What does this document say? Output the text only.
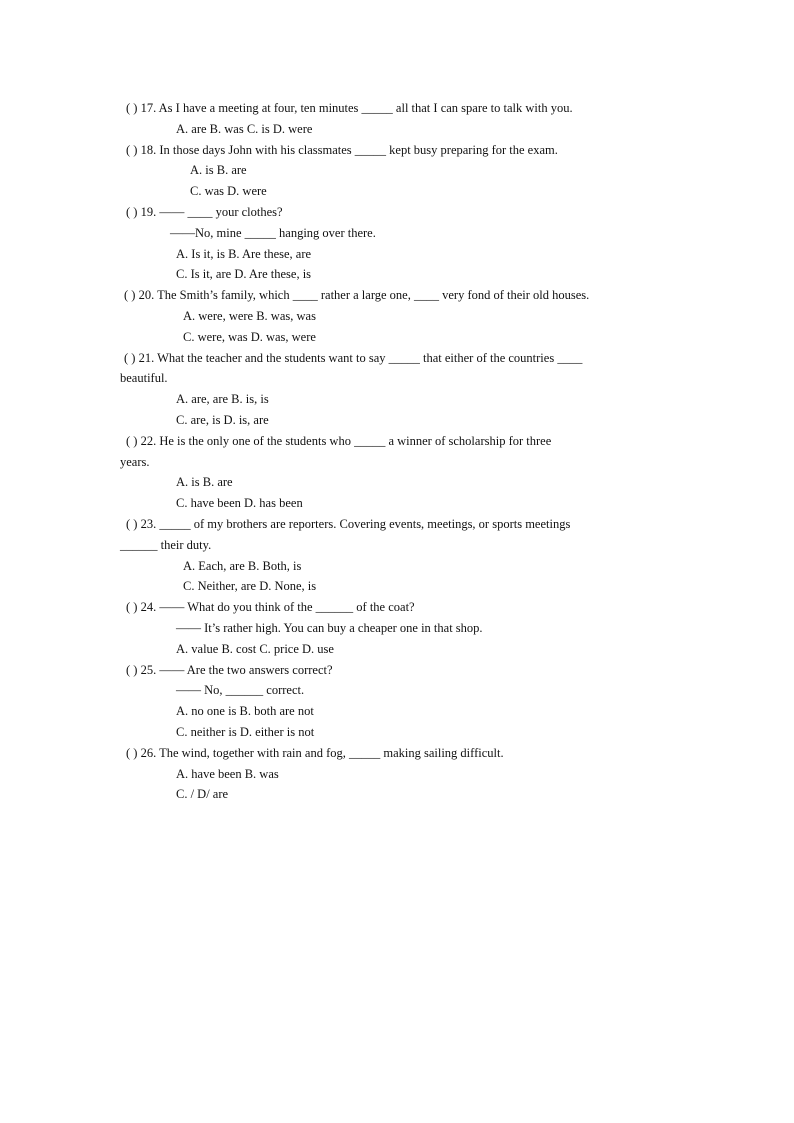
( ) 17. As I have a meeting at four, ten minutes _____ all that I can spare to talk with you.
A. are B. was C. is D. were
( ) 18. In those days John with his classmates _____ kept busy preparing for the exam.
A. is B. are
C. was D. were
( ) 19. —— ____ your clothes?
——No, mine _____ hanging over there.
A. Is it, is B. Are these, are
C. Is it, are D. Are these, is
( ) 20. The Smith’s family, which ____ rather a large one, ____ very fond of their old houses.
A. were, were B. was, was
C. were, was D. was, were
( ) 21. What the teacher and the students want to say _____ that either of the countries ____
beautiful.
A. are, are B. is, is
C. are, is D. is, are
( ) 22. He is the only one of the students who _____ a winner of scholarship for three
years.
A. is B. are
C. have been D. has been
( ) 23. _____ of my brothers are reporters. Covering events, meetings, or sports meetings
______ their duty.
A. Each, are B. Both, is
C. Neither, are D. None, is
( ) 24. —— What do you think of the ______ of the coat?
—— It’s rather high. You can buy a cheaper one in that shop.
A. value B. cost C. price D. use
( ) 25. —— Are the two answers correct?
—— No, ______ correct.
A. no one is B. both are not
C. neither is D. either is not
( ) 26. The wind, together with rain and fog, _____ making sailing difficult.
A. have been B. was
C. / D/ are
